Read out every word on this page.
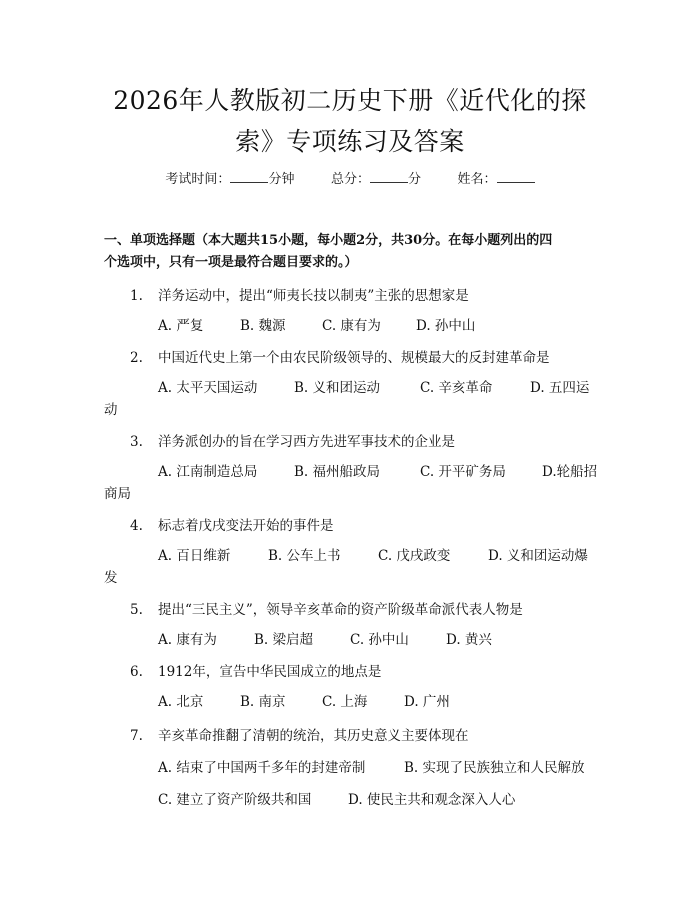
2026年人教版初二历史下册《近代化的探
索》专项练习及答案
考试时间：	分钟	总分：	分	姓名：
一、单项选择题（本大题共15小题，每小题2分，共30分。在每小题列出的四
个选项中，只有一项是最符合题目要求的。）
1. 洋务运动中，提出“师夷长技以制夷”主张的思想家是
A. 严复	B. 魏源	C. 康有为	D. 孙中山
2. 中国近代史上第一个由农民阶级领导的、规模最大的反封建革命是
A. 太平天国运动	B. 义和团运动	C. 辛亥革命	D. 五四运
动
3. 洋务派创办的旨在学习西方先进军事技术的企业是
A. 江南制造总局	B. 福州船政局	C. 开平矿务局	D.轮船招
商局
4. 标志着戊戌变法开始的事件是
A. 百日维新	B. 公车上书	C. 戊戌政变	D. 义和团运动爆
发
5. 提出“三民主义”，领导辛亥革命的资产阶级革命派代表人物是
A. 康有为	B. 梁启超	C. 孙中山	D. 黄兴
6. 1912年，宣告中华民国成立的地点是
A. 北京	B. 南京	C. 上海	D. 广州
7. 辛亥革命推翻了清朝的统治，其历史意义主要体现在
A. 结束了中国两千多年的封建帝制	B. 实现了民族独立和人民解放
C. 建立了资产阶级共和国	D. 使民主共和观念深入人心
